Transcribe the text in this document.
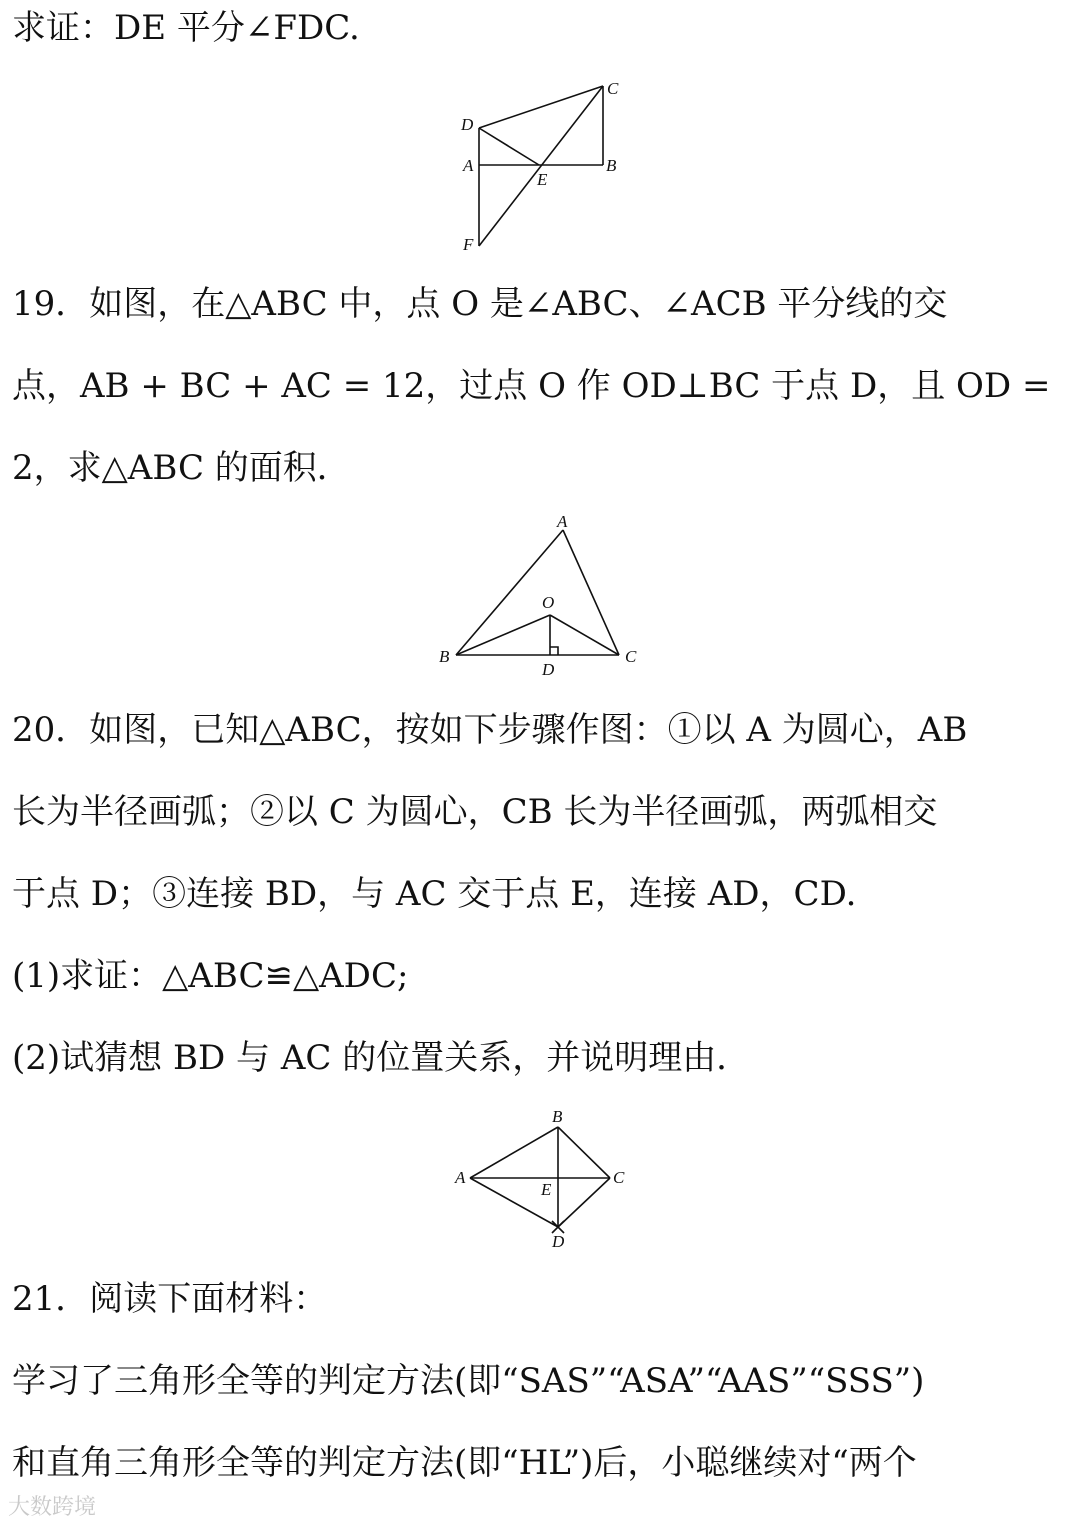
求证：DE 平分∠FDC.
C
D
A
E
B
F
19．如图，在△ABC 中，点 O 是∠ABC、∠ACB 平分线的交
点，AB + BC + AC = 12，过点 O 作 OD⊥BC 于点 D，且 OD =
2，求△ABC 的面积．
A
O
B
D
C
20．如图，已知△ABC，按如下步骤作图：①以 A 为圆心，AB
长为半径画弧；②以 C 为圆心，CB 长为半径画弧，两弧相交
于点 D；③连接 BD，与 AC 交于点 E，连接 AD，CD.
(1)求证：△ABC≌△ADC;
(2)试猜想 BD 与 AC 的位置关系，并说明理由．
B
A
E
C
D
21．阅读下面材料：
学习了三角形全等的判定方法(即“SAS”“ASA”“AAS”“SSS”)
和直角三角形全等的判定方法(即“HL”)后，小聪继续对“两个
大数跨境
